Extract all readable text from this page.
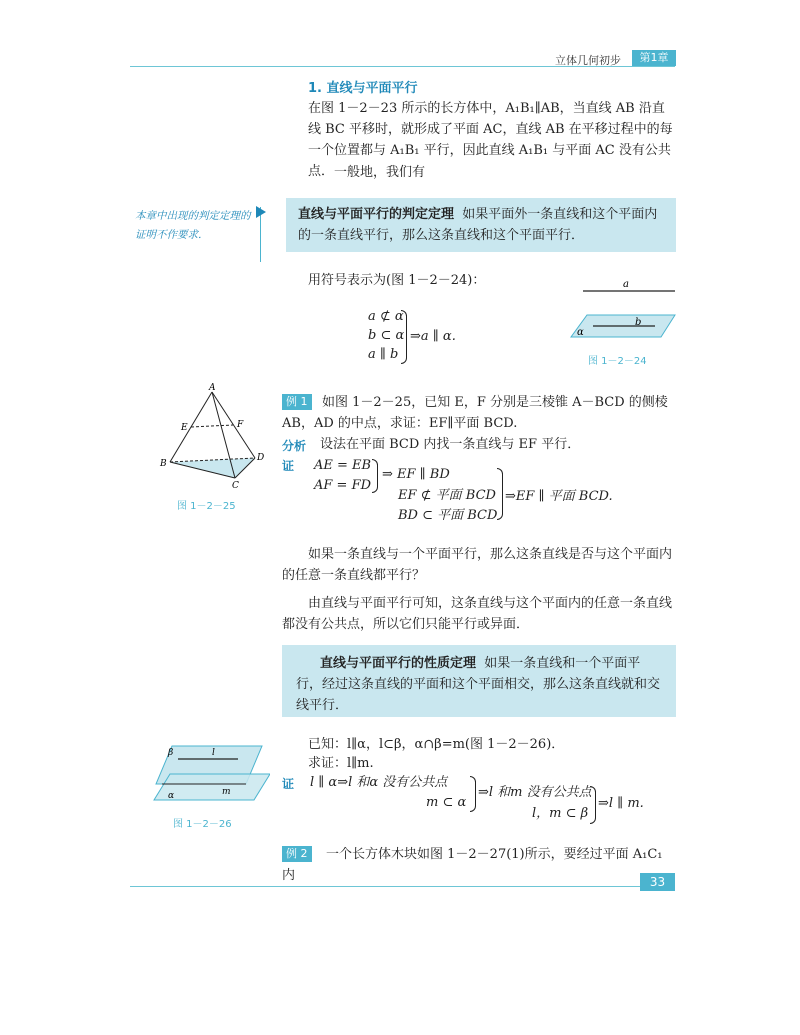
立体几何初步	第1章
1. 直线与平面平行

在图 1－2－23 所示的长方体中，A₁B₁∥AB，当直线 AB 沿直线 BC 平移时，就形成了平面 AC，直线 AB 在平移过程中的每一个位置都与 A₁B₁ 平行，因此直线 A₁B₁ 与平面 AC 没有公共点． 一般地，我们有

本章中出现的判定定理的证明不作要求．
直线与平面平行的判定定理 如果平面外一条直线和这个平面内的一条直线平行，那么这条直线和这个平面平行．
用符号表示为(图 1－2－24)：
a ⊄ α
b ⊂ α
a ∥ b
⇒a ∥ α.
a
b
α
图 1－2－24
A
E	F
B
D
C
图 1－2－25
例 1	如图 1－2－25，已知 E，F 分别是三棱锥 A－BCD 的侧棱 AB，AD 的中点，求证：EF∥平面 BCD.
分析 设法在平面 BCD 内找一条直线与 EF 平行．
证 AE = EB
AF = FD
⇒ EF ∥ BD
EF ⊄ 平面 BCD
BD ⊂ 平面 BCD
⇒EF ∥ 平面 BCD.
如果一条直线与一个平面平行，那么这条直线是否与这个平面内的任意一条直线都平行？
由直线与平面平行可知，这条直线与这个平面内的任意一条直线都没有公共点，所以它们只能平行或异面．
直线与平面平行的性质定理 如果一条直线和一个平面平行，经过这条直线的平面和这个平面相交，那么这条直线就和交线平行．
β	l
α	m
图 1－2－26
已知：l∥α，l⊂β，α∩β=m(图 1－2－26)．
求证：l∥m.
证 l ∥ α⇒l 和α 没有公共点
m ⊂ α
⇒l 和m 没有公共点
l，m ⊂ β
⇒l ∥ m.
例 2	一个长方体木块如图 1－2－27(1)所示，要经过平面 A₁C₁ 内	33
